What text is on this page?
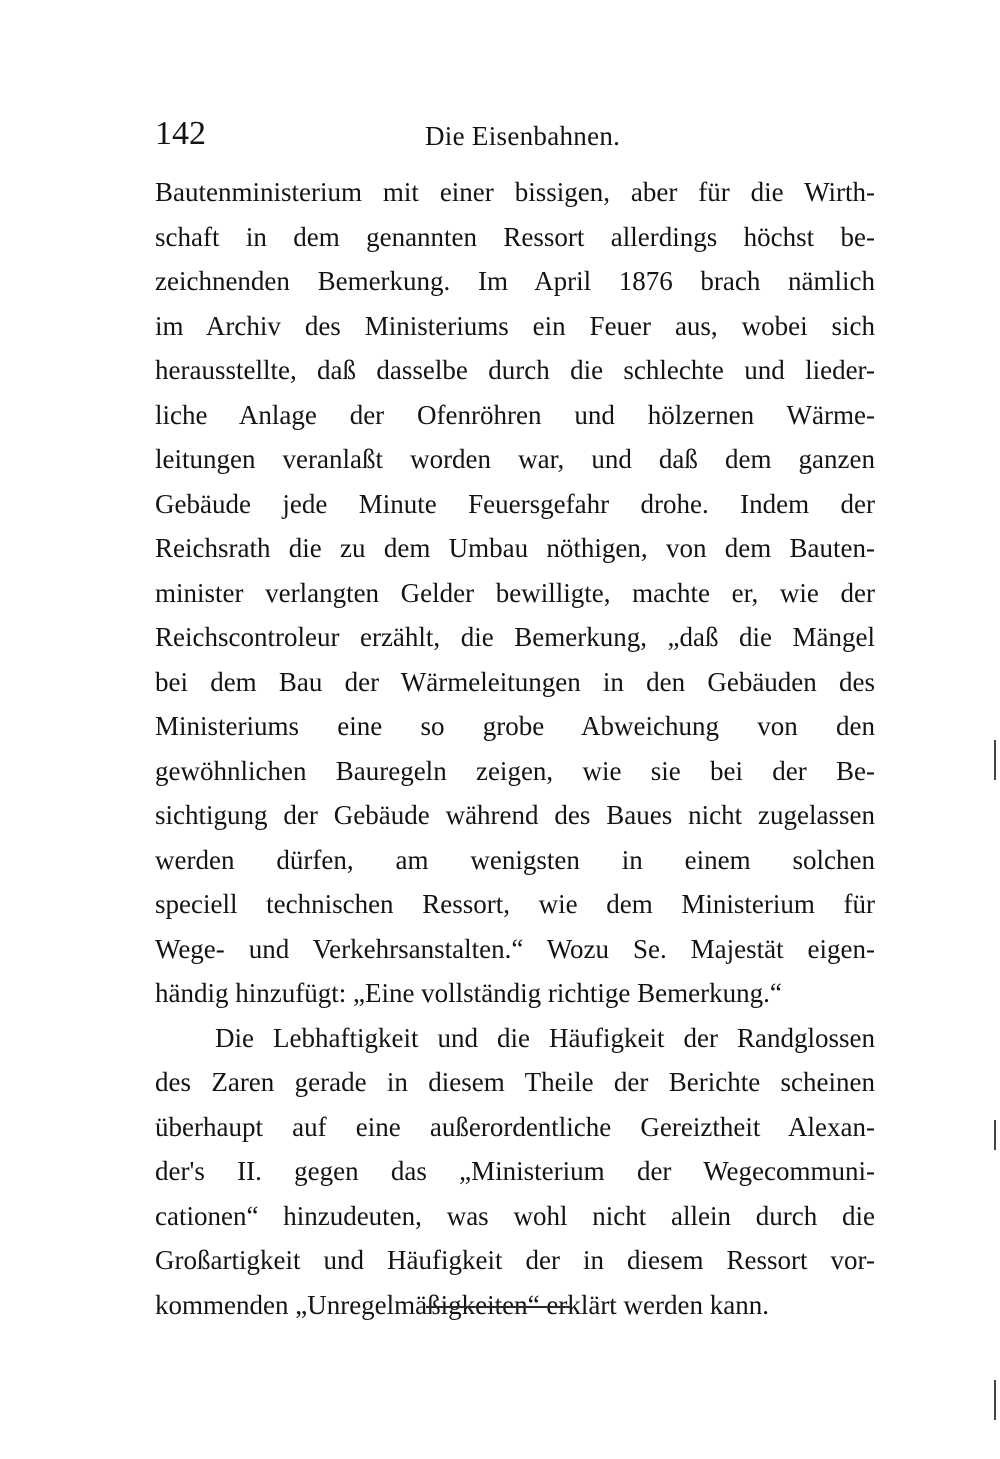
142	Die Eisenbahnen.
Bautenministerium mit einer bissigen, aber für die Wirth-
schaft in dem genannten Ressort allerdings höchst be-
zeichnenden Bemerkung. Im April 1876 brach nämlich
im Archiv des Ministeriums ein Feuer aus, wobei sich
herausstellte, daß dasselbe durch die schlechte und lieder-
liche Anlage der Ofenröhren und hölzernen Wärme-
leitungen veranlaßt worden war, und daß dem ganzen
Gebäude jede Minute Feuersgefahr drohe. Indem der
Reichsrath die zu dem Umbau nöthigen, von dem Bauten-
minister verlangten Gelder bewilligte, machte er, wie der
Reichscontroleur erzählt, die Bemerkung, „daß die Mängel
bei dem Bau der Wärmeleitungen in den Gebäuden des
Ministeriums eine so grobe Abweichung von den
gewöhnlichen Bauregeln zeigen, wie sie bei der Be-
sichtigung der Gebäude während des Baues nicht zugelassen
werden dürfen, am wenigsten in einem solchen
speciell technischen Ressort, wie dem Ministerium für
Wege- und Verkehrsanstalten.“ Wozu Se. Majestät eigen-
händig hinzufügt: „Eine vollständig richtige Bemerkung.“
Die Lebhaftigkeit und die Häufigkeit der Randglossen
des Zaren gerade in diesem Theile der Berichte scheinen
überhaupt auf eine außerordentliche Gereiztheit Alexan-
der's II. gegen das „Ministerium der Wegecommuni-
cationen“ hinzudeuten, was wohl nicht allein durch die
Großartigkeit und Häufigkeit der in diesem Ressort vor-
kommenden „Unregelmäßigkeiten“ erklärt werden kann.
